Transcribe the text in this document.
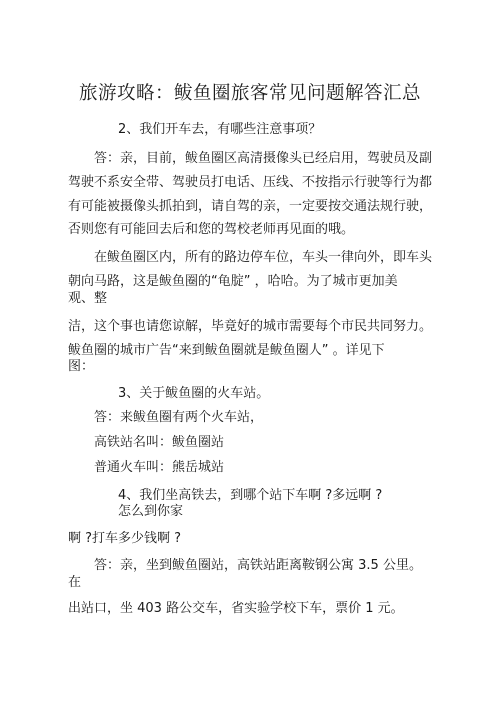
旅游攻略：鲅鱼圈旅客常见问题解答汇总
2、我们开车去，有哪些注意事项？
答：亲，目前，鲅鱼圈区高清摄像头已经启用，驾驶员及副
驾驶不系安全带、驾驶员打电话、压线、不按指示行驶等行为都
有可能被摄像头抓拍到，请自驾的亲，一定要按交通法规行驶，
否则您有可能回去后和您的驾校老师再见面的哦。
在鲅鱼圈区内，所有的路边停车位，车头一律向外，即车头
朝向马路，这是鲅鱼圈的“龟腚” ，哈哈。为了城市更加美
观、整
洁，这个事也请您谅解，毕竟好的城市需要每个市民共同努力。
鲅鱼圈的城市广告“来到鲅鱼圈就是鲅鱼圈人” 。详见下
图：
3、关于鲅鱼圈的火车站。
答：来鲅鱼圈有两个火车站，
高铁站名叫：鲅鱼圈站
普通火车叫：熊岳城站
4、我们坐高铁去，到哪个站下车啊 ?多远啊 ?
怎么到你家
啊 ?打车多少钱啊 ?
答：亲，坐到鲅鱼圈站，高铁站距离鞍钢公寓 3.5 公里。
在
出站口，坐 403 路公交车，省实验学校下车，票价 1 元。
